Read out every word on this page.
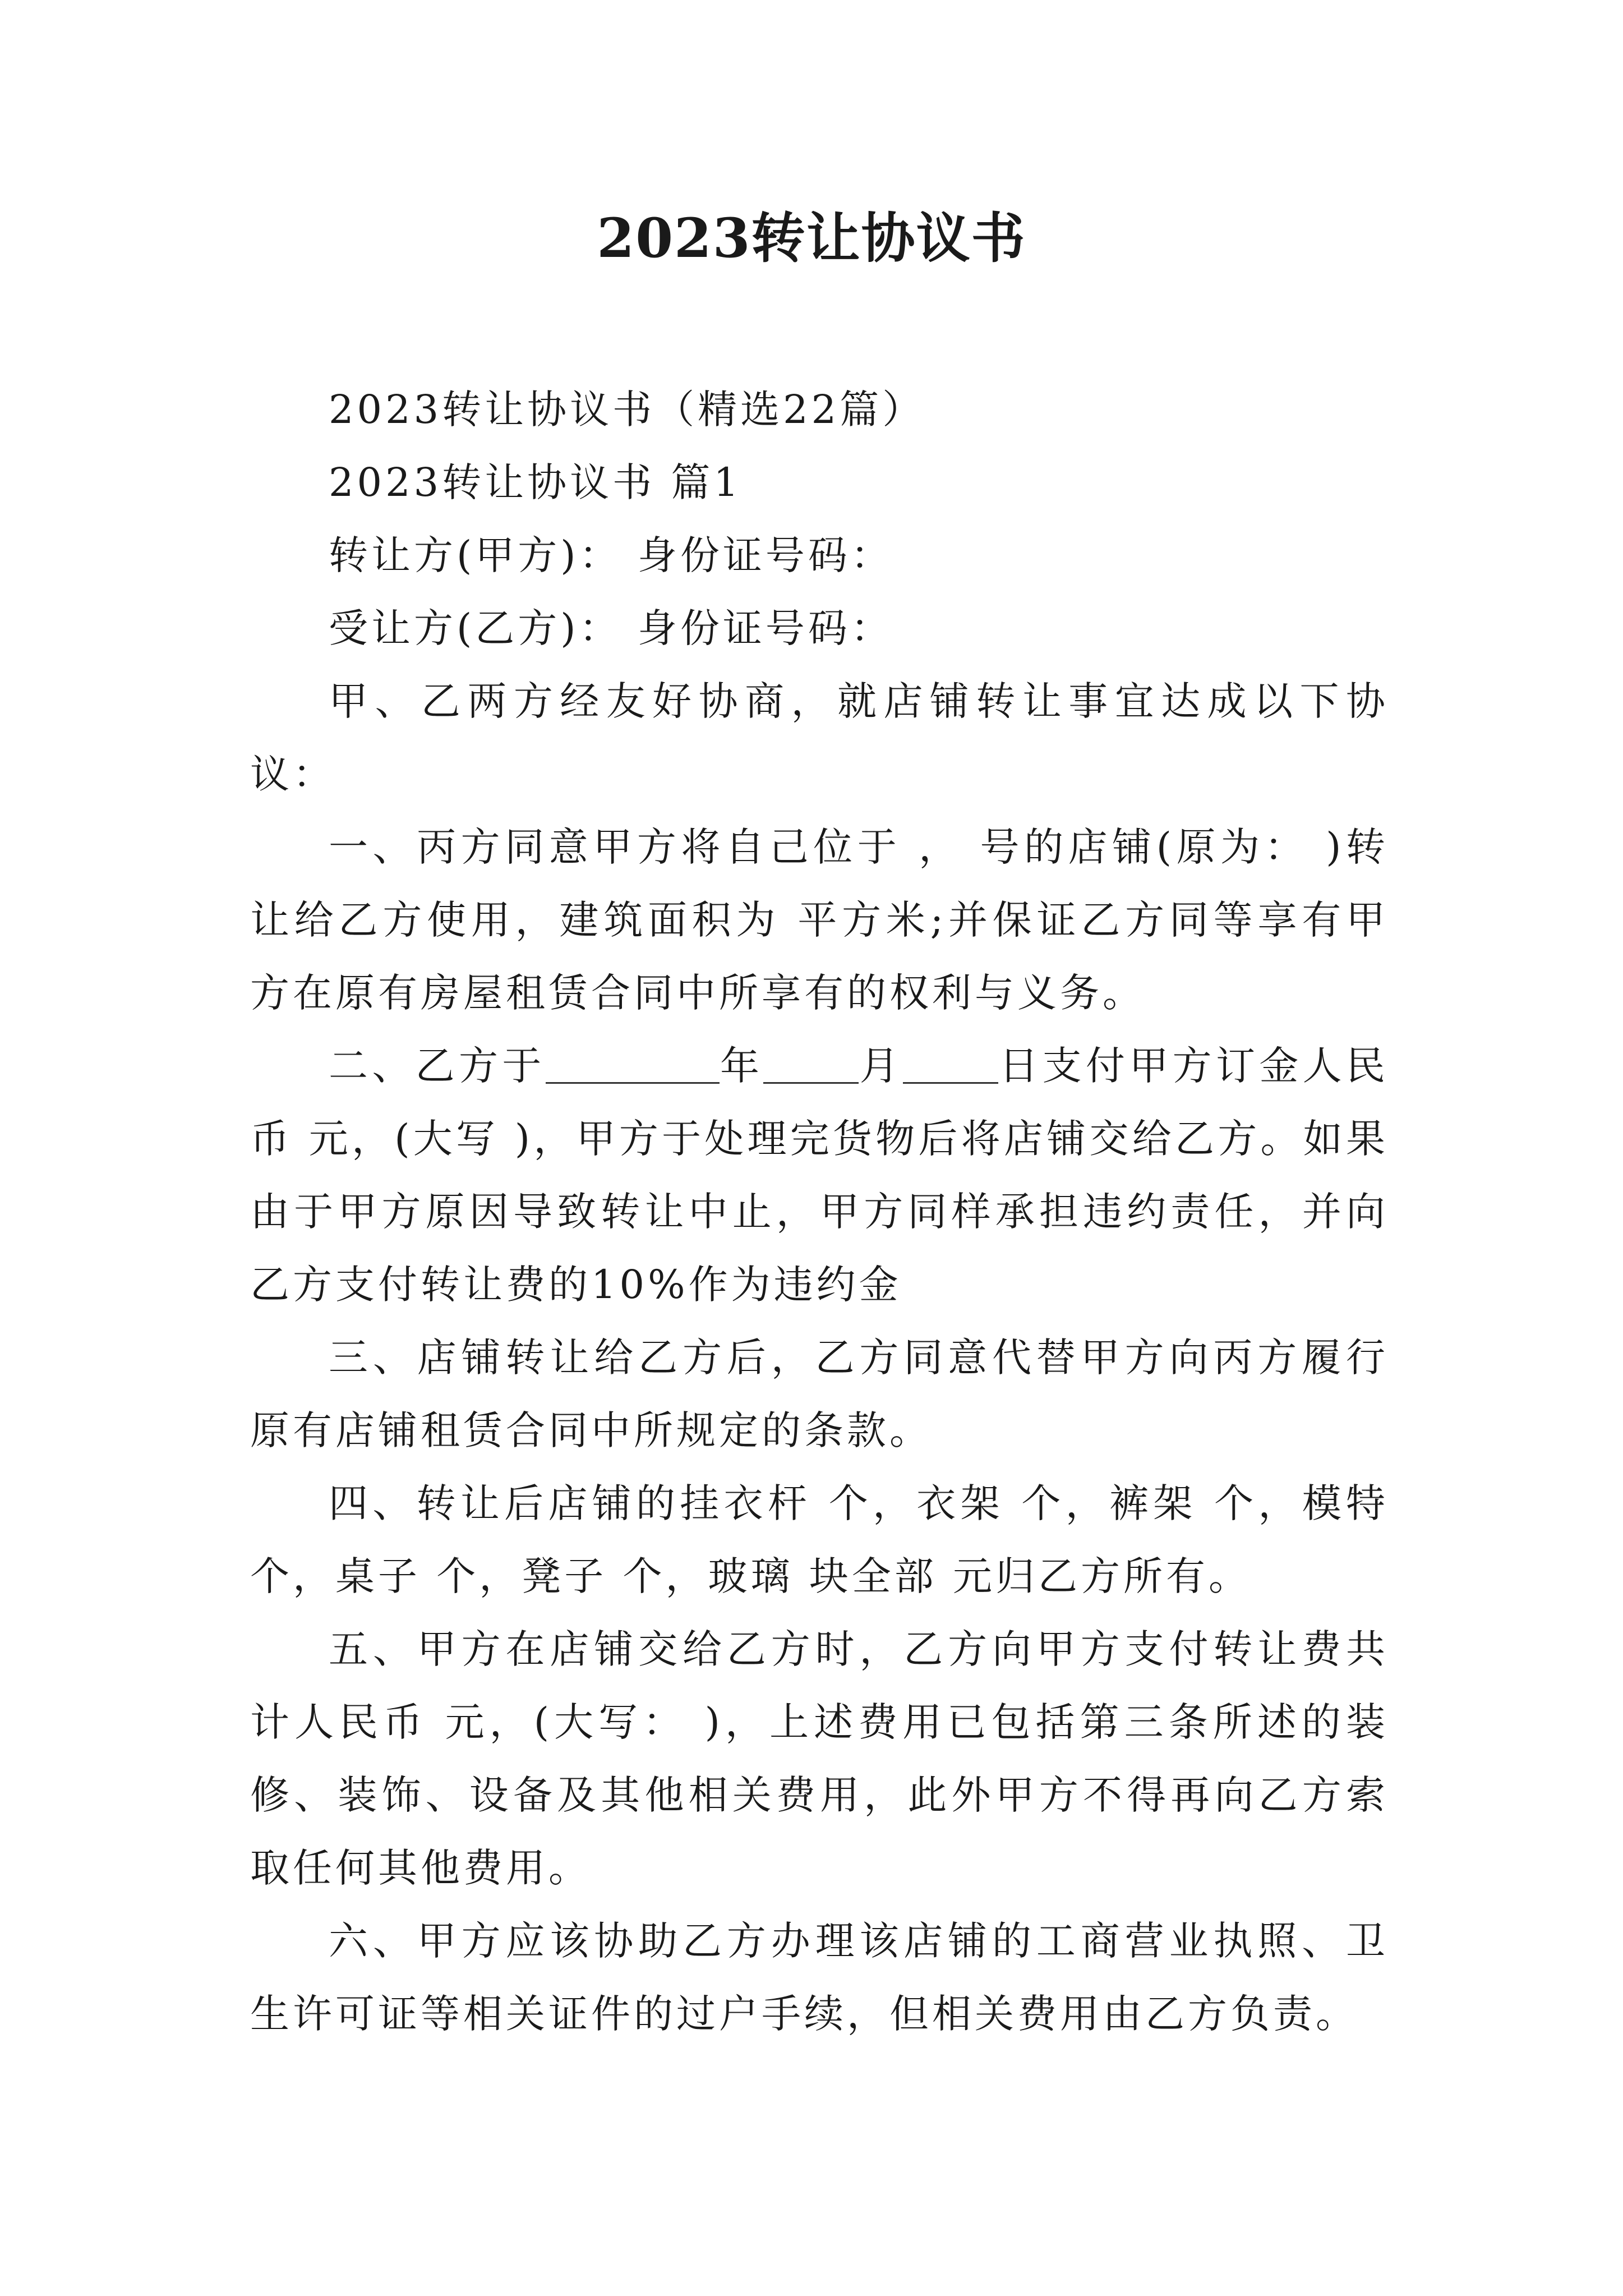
2023转让协议书

2023转让协议书（精选22篇）

2023转让协议书 篇1

转让方(甲方)： 身份证号码：

受让方(乙方)： 身份证号码：

甲、乙两方经友好协商，就店铺转让事宜达成以下协议：

一、丙方同意甲方将自己位于 ， 号的店铺(原为： )转让给乙方使用，建筑面积为 平方米;并保证乙方同等享有甲方在原有房屋租赁合同中所享有的权利与义务。

二、乙方于	年 月 日支付甲方订金人民币 元，(大写 )，甲方于处理完货物后将店铺交给乙方。如果由于甲方原因导致转让中止，甲方同样承担违约责任，并向乙方支付转让费的10%作为违约金

三、店铺转让给乙方后，乙方同意代替甲方向丙方履行原有店铺租赁合同中所规定的条款。

四、转让后店铺的挂衣杆 个，衣架 个，裤架 个，模特 个，桌子 个，凳子 个，玻璃 块全部 元归乙方所有。

五、甲方在店铺交给乙方时，乙方向甲方支付转让费共计人民币 元，(大写： )，上述费用已包括第三条所述的装修、装饰、设备及其他相关费用，此外甲方不得再向乙方索取任何其他费用。

六、甲方应该协助乙方办理该店铺的工商营业执照、卫生许可证等相关证件的过户手续，但相关费用由乙方负责。
